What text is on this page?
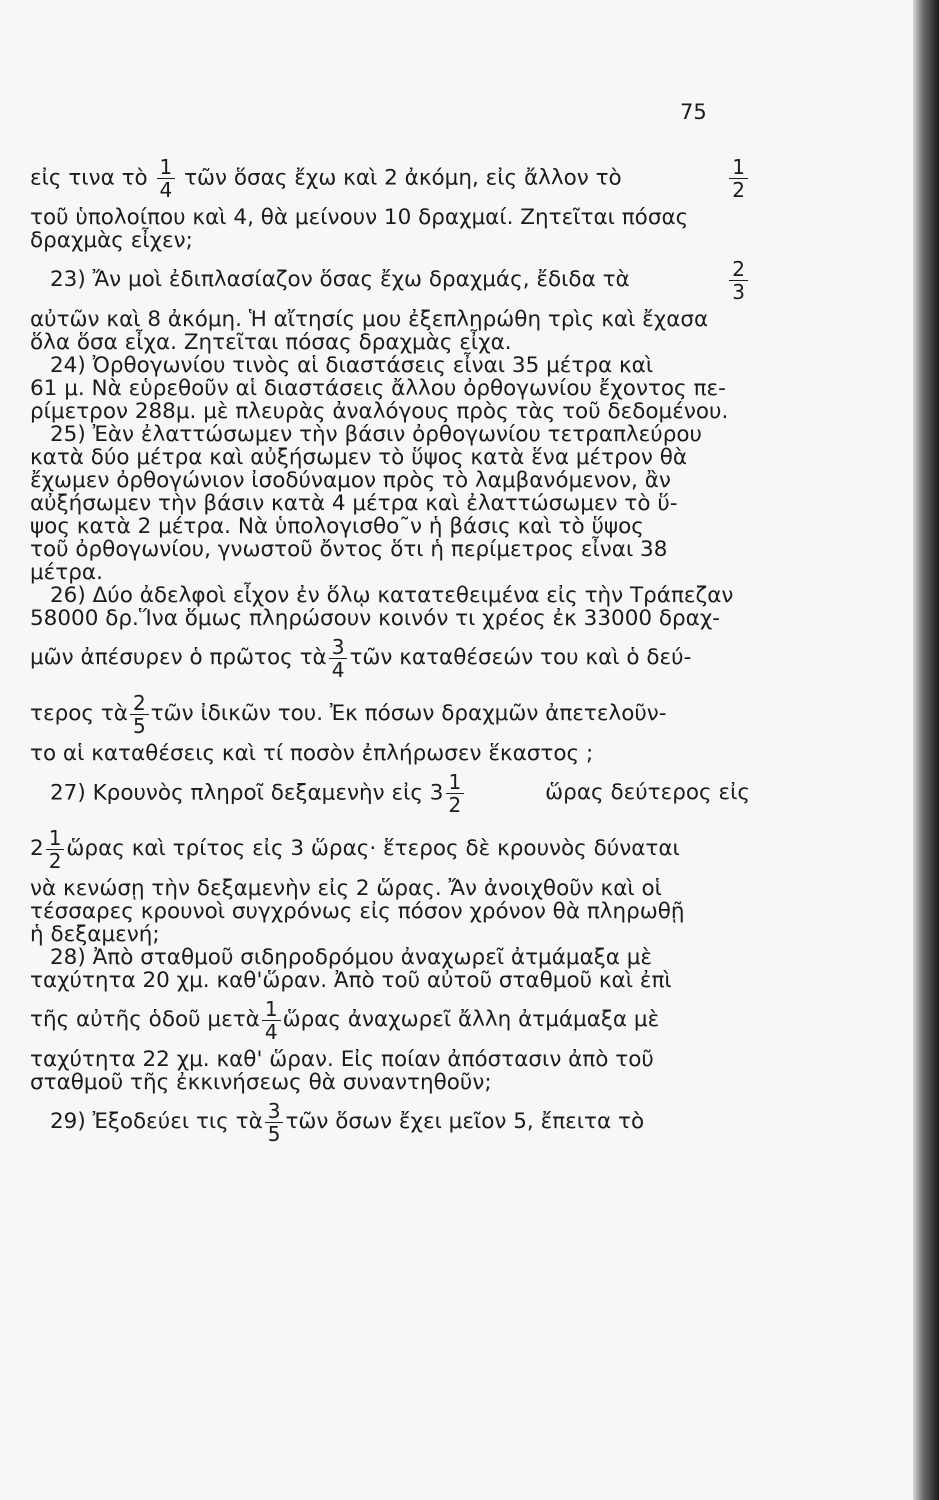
75
εἰς τινα τὸ $\frac{1}{4}$ τῶν ὅσας ἔχω καὶ 2 ἀκόμη, εἰς ἄλλον τὸ	$\frac{1}{2}$
τοῦ ὑπολοίπου καὶ 4, θὰ μείνουν 10 δραχμαί. Ζητεῖται πόσας
δραχμὰς εἶχεν;
23) Ἄν μοὶ ἐδιπλασίαζον ὅσας ἔχω δραχμάς, ἔδιδα τὰ	$\frac{2}{3}$
αὐτῶν καὶ 8 ἀκόμη. Ἡ αἴτησίς μου ἐξεπληρώθη τρὶς καὶ ἔχασα
ὅλα ὅσα εἶχα. Ζητεῖται πόσας δραχμὰς εἶχα.
24) Ὀρθογωνίου τινὸς αἱ διαστάσεις εἶναι 35 μέτρα καὶ
61 μ. Νὰ εὑρεθοῦν αἱ διαστάσεις ἄλλου ὀρθογωνίου ἔχοντος πε-
ρίμετρον 288μ. μὲ πλευρὰς ἀναλόγους πρὸς τὰς τοῦ δεδομένου.
25) Ἐὰν ἐλαττώσωμεν τὴν βάσιν ὀρθογωνίου τετραπλεύρου
κατὰ δύο μέτρα καὶ αὐξήσωμεν τὸ ὕψος κατὰ ἕνα μέτρον θὰ
ἔχωμεν ὀρθογώνιον ἰσοδύναμον πρὸς τὸ λαμβανόμενον, ἂν
αὐξήσωμεν τὴν βάσιν κατὰ 4 μέτρα καὶ ἐλαττώσωμεν τὸ ὕ-
ψος κατὰ 2 μέτρα. Νὰ ὑπολογισθο῀ν ἡ βάσις καὶ τὸ ὕψος
τοῦ ὀρθογωνίου, γνωστοῦ ὄντος ὅτι ἡ περίμετρος εἶναι 38
μέτρα.
26) Δύο ἀδελφοὶ εἶχον ἐν ὅλῳ κατατεθειμένα εἰς τὴν Τράπεζαν
58000 δρ.Ἵνα ὅμως πληρώσουν κοινόν τι χρέος ἐκ 33000 δραχ-
μῶν ἀπέσυρεν ὁ πρῶτος τὰ $\frac{3}{4}$ τῶν καταθέσεών του καὶ ὁ δεύ-
τερος τὰ $\frac{2}{5}$ τῶν ἰδικῶν του. Ἐκ πόσων δραχμῶν ἀπετελοῦν-
το αἱ καταθέσεις καὶ τί ποσὸν ἐπλήρωσεν ἕκαστος ;
27) Κρουνὸς πληροῖ δεξαμενὴν εἰς $3 \frac{1}{2}$	ὥρας δεύτερος εἰς
$2 \frac{1}{2}$ ὥρας καὶ τρίτος εἰς 3 ὥρας· ἕτερος δὲ κρουνὸς δύναται
νὰ κενώσῃ τὴν δεξαμενὴν εἰς 2 ὥρας. Ἄν ἀνοιχθοῦν καὶ οἱ
τέσσαρες κρουνοὶ συγχρόνως εἰς πόσον χρόνον θὰ πληρωθῇ
ἡ δεξαμενή;
28) Ἀπὸ σταθμοῦ σιδηροδρόμου ἀναχωρεῖ ἀτμάμαξα μὲ
ταχύτητα 20 χμ. καθ'ὥραν. Ἀπὸ τοῦ αὐτοῦ σταθμοῦ καὶ ἐπὶ
τῆς αὐτῆς ὁδοῦ μετὰ $\frac{1}{4}$ ὥρας ἀναχωρεῖ ἄλλη ἀτμάμαξα μὲ
ταχύτητα 22 χμ. καθ' ὥραν. Εἰς ποίαν ἀπόστασιν ἀπὸ τοῦ
σταθμοῦ τῆς ἐκκινήσεως θὰ συναντηθοῦν;
29) Ἐξοδεύει τις τὰ $\frac{3}{5}$ τῶν ὅσων ἔχει μεῖον 5, ἔπειτα τὸ
